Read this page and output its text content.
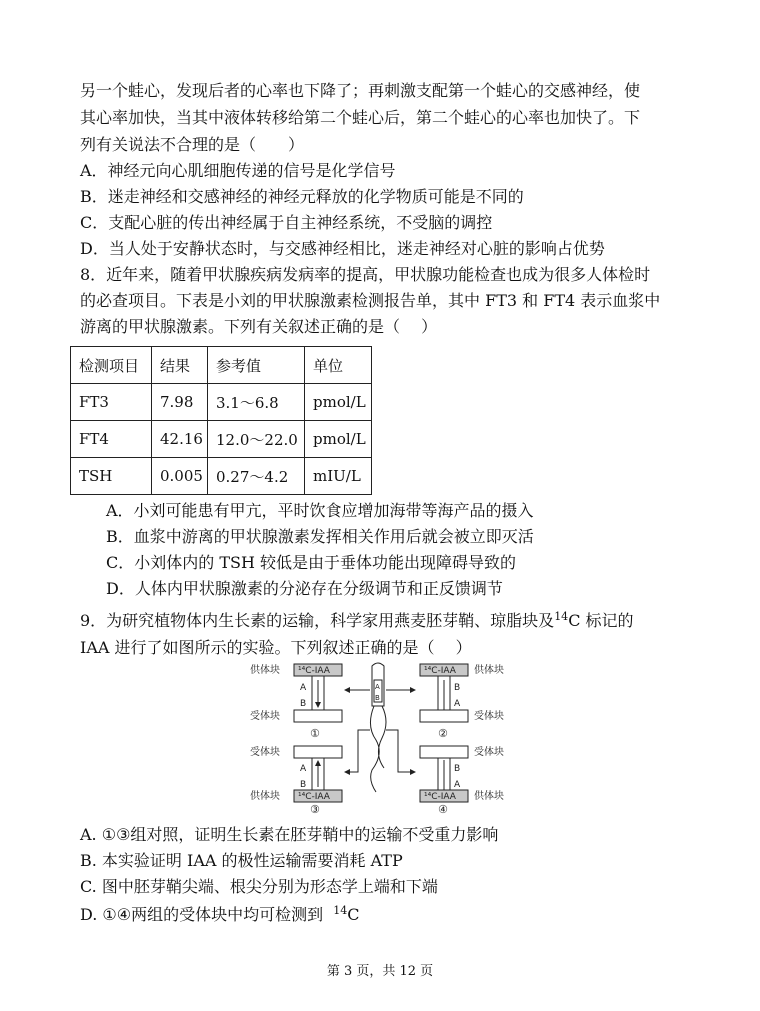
另一个蛙心，发现后者的心率也下降了；再刺激支配第一个蛙心的交感神经，使
其心率加快，当其中液体转移给第二个蛙心后，第二个蛙心的心率也加快了。下
列有关说法不合理的是（　　）
A．神经元向心肌细胞传递的信号是化学信号
B．迷走神经和交感神经的神经元释放的化学物质可能是不同的
C．支配心脏的传出神经属于自主神经系统，不受脑的调控
D．当人处于安静状态时，与交感神经相比，迷走神经对心脏的影响占优势
8．近年来，随着甲状腺疾病发病率的提高，甲状腺功能检查也成为很多人体检时
的必查项目。下表是小刘的甲状腺激素检测报告单，其中 FT3 和 FT4 表示血浆中
游离的甲状腺激素。下列有关叙述正确的是（　 ）
检测项目	结果	参考值	单位
FT3	7.98	3.1～6.8	pmol/L
FT4	42.16	12.0～22.0	pmol/L
TSH	0.005	0.27～4.2	mIU/L
A．小刘可能患有甲亢，平时饮食应增加海带等海产品的摄入
B．血浆中游离的甲状腺激素发挥相关作用后就会被立即灭活
C．小刘体内的 TSH 较低是由于垂体功能出现障碍导致的
D．人体内甲状腺激素的分泌存在分级调节和正反馈调节
9．为研究植物体内生长素的运输，科学家用燕麦胚芽鞘、琼脂块及$^{14}$C 标记的
IAA 进行了如图所示的实验。下列叙述正确的是（　 ）
供体块 ¹⁴C-IAA
A
B
受体块
①
受体块
A
B
¹⁴C-IAA
供体块
③
A
B
¹⁴C-IAA 供体块
B
A
受体块
②
受体块
B
A
¹⁴C-IAA 供体块
④
A. ①③组对照，证明生长素在胚芽鞘中的运输不受重力影响
B. 本实验证明 IAA 的极性运输需要消耗 ATP
C. 图中胚芽鞘尖端、根尖分别为形态学上端和下端
D. ①④两组的受体块中均可检测到 $^{14}$C
第 3 页，共 12 页
